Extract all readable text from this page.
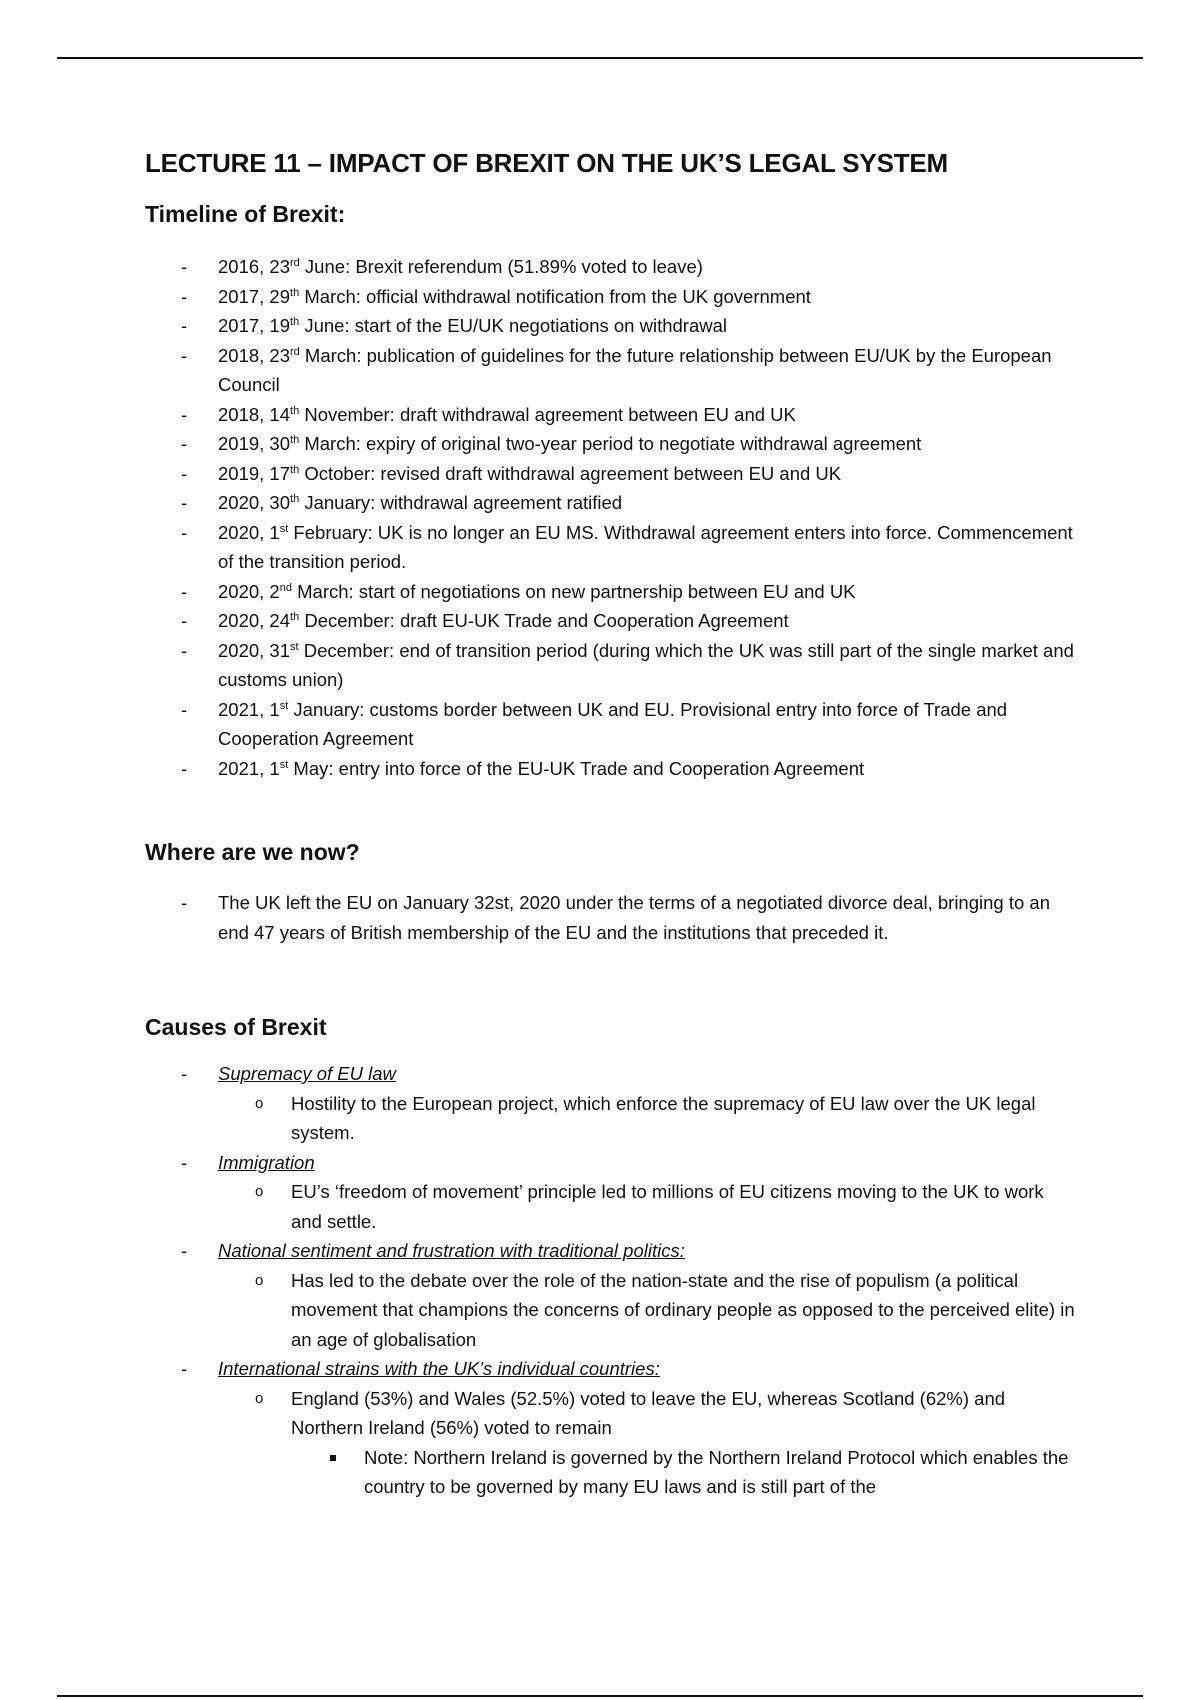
LECTURE 11 – IMPACT OF BREXIT ON THE UK’S LEGAL SYSTEM
Timeline of Brexit:
- 2016, 23rd June: Brexit referendum (51.89% voted to leave)
- 2017, 29th March: official withdrawal notification from the UK government
- 2017, 19th June: start of the EU/UK negotiations on withdrawal
- 2018, 23rd March: publication of guidelines for the future relationship between EU/UK by the European Council
- 2018, 14th November: draft withdrawal agreement between EU and UK
- 2019, 30th March: expiry of original two-year period to negotiate withdrawal agreement
- 2019, 17th October: revised draft withdrawal agreement between EU and UK
- 2020, 30th January: withdrawal agreement ratified
- 2020, 1st February: UK is no longer an EU MS. Withdrawal agreement enters into force. Commencement of the transition period.
- 2020, 2nd March: start of negotiations on new partnership between EU and UK
- 2020, 24th December: draft EU-UK Trade and Cooperation Agreement
- 2020, 31st December: end of transition period (during which the UK was still part of the single market and customs union)
- 2021, 1st January: customs border between UK and EU. Provisional entry into force of Trade and Cooperation Agreement
- 2021, 1st May: entry into force of the EU-UK Trade and Cooperation Agreement
Where are we now?
- The UK left the EU on January 32st, 2020 under the terms of a negotiated divorce deal, bringing to an end 47 years of British membership of the EU and the institutions that preceded it.
Causes of Brexit
- Supremacy of EU law
o Hostility to the European project, which enforce the supremacy of EU law over the UK legal system.
- Immigration
o EU’s ‘freedom of movement’ principle led to millions of EU citizens moving to the UK to work and settle.
- National sentiment and frustration with traditional politics:
o Has led to the debate over the role of the nation-state and the rise of populism (a political movement that champions the concerns of ordinary people as opposed to the perceived elite) in an age of globalisation
- International strains with the UK’s individual countries:
o England (53%) and Wales (52.5%) voted to leave the EU, whereas Scotland (62%) and Northern Ireland (56%) voted to remain
Note: Northern Ireland is governed by the Northern Ireland Protocol which enables the country to be governed by many EU laws and is still part of the
